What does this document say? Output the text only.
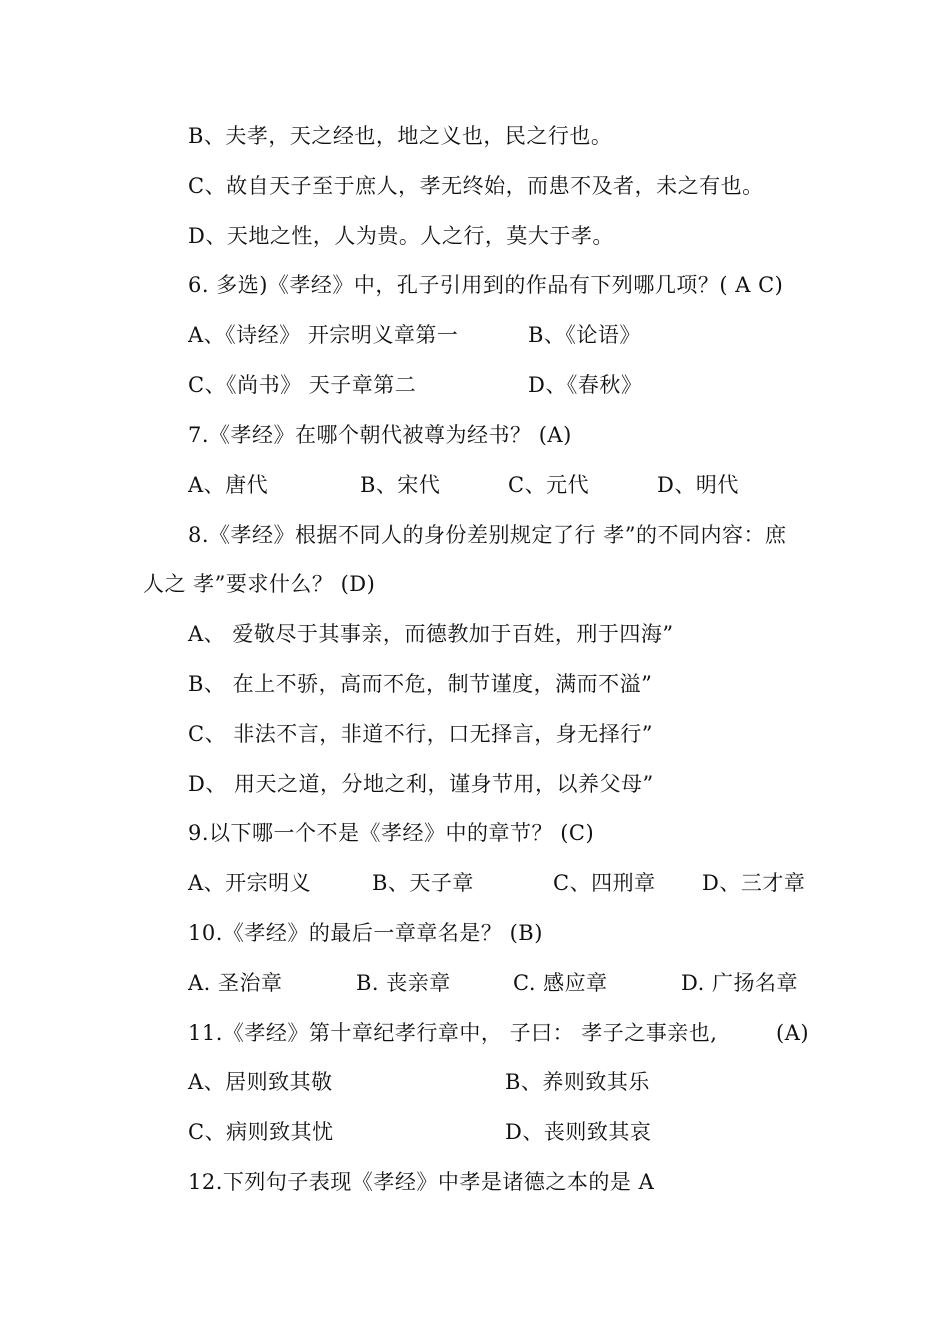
B、夫孝，天之经也，地之义也，民之行也。
C、故自天子至于庶人，孝无终始，而患不及者，未之有也。
D、天地之性，人为贵。人之行，莫大于孝。
6. 多选)《孝经》中，孔子引用到的作品有下列哪几项？( A C)
A、《诗经》 开宗明义章第一	B、《论语》
C、《尚书》 天子章第二	D、《春秋》
7.《孝经》在哪个朝代被尊为经书？ (A)
A、唐代	B、宋代	C、元代	D、明代
8.《孝经》根据不同人的身份差别规定了行 孝”的不同内容：庶
人之 孝”要求什么？ (D)
A、 爱敬尽于其事亲，而德教加于百姓，刑于四海”
B、 在上不骄，高而不危，制节谨度，满而不溢”
C、 非法不言，非道不行，口无择言，身无择行”
D、 用天之道，分地之利，谨身节用，以养父母”
9.以下哪一个不是《孝经》中的章节？ (C)
A、开宗明义	B、天子章	C、四刑章 D、三才章
10.《孝经》的最后一章章名是？ (B)
A. 圣治章	B. 丧亲章	C. 感应章	D. 广扬名章
11.《孝经》第十章纪孝行章中， 子曰： 孝子之事亲也,	(A)
A、居则致其敬	B、养则致其乐
C、病则致其忧	D、丧则致其哀
12.下列句子表现《孝经》中孝是诸德之本的是 A
